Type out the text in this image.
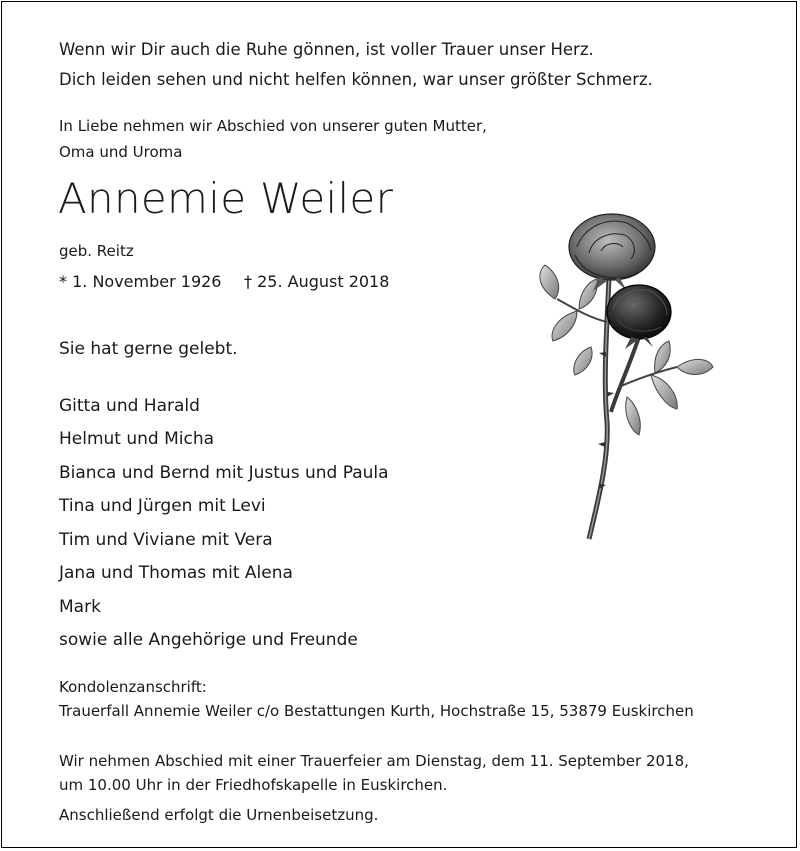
Wenn wir Dir auch die Ruhe gönnen, ist voller Trauer unser Herz.
Dich leiden sehen und nicht helfen können, war unser größter Schmerz.
In Liebe nehmen wir Abschied von unserer guten Mutter,
Oma und Uroma
Annemie Weiler
geb. Reitz
* 1. November 1926 † 25. August 2018
Sie hat gerne gelebt.
Gitta und Harald
Helmut und Micha
Bianca und Bernd mit Justus und Paula
Tina und Jürgen mit Levi
Tim und Viviane mit Vera
Jana und Thomas mit Alena
Mark
sowie alle Angehörige und Freunde
Kondolenzanschrift:
Trauerfall Annemie Weiler c/o Bestattungen Kurth, Hochstraße 15, 53879 Euskirchen
Wir nehmen Abschied mit einer Trauerfeier am Dienstag, dem 11. September 2018,
um 10.00 Uhr in der Friedhofskapelle in Euskirchen.
Anschließend erfolgt die Urnenbeisetzung.
